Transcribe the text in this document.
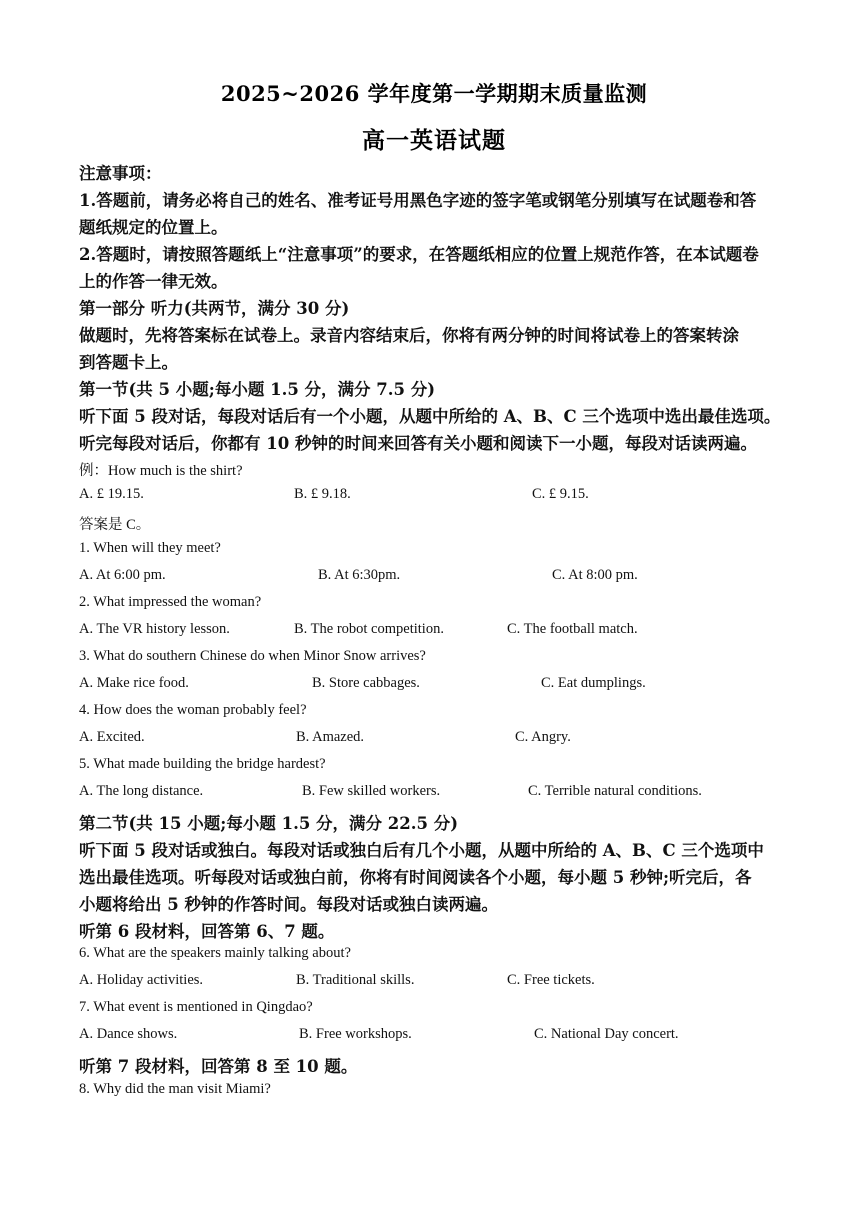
2025~2026 学年度第一学期期末质量监测
高一英语试题
注意事项：
1.答题前，请务必将自己的姓名、准考证号用黑色字迹的签字笔或钢笔分别填写在试题卷和答
题纸规定的位置上。
2.答题时，请按照答题纸上“注意事项”的要求，在答题纸相应的位置上规范作答，在本试题卷
上的作答一律无效。
第一部分 听力(共两节，满分 30 分)
做题时，先将答案标在试卷上。录音内容结束后，你将有两分钟的时间将试卷上的答案转涂
到答题卡上。
第一节(共 5 小题;每小题 1.5 分，满分 7.5 分)
听下面 5 段对话，每段对话后有一个小题，从题中所给的 A、B、C 三个选项中选出最佳选项。
听完每段对话后，你都有 10 秒钟的时间来回答有关小题和阅读下一小题，每段对话读两遍。
例：How much is the shirt?
A. £ 19.15.	B. £ 9.18.	C. £ 9.15.
答案是 C。
1. When will they meet?
A. At 6:00 pm.	B. At 6:30pm.	C. At 8:00 pm.
2. What impressed the woman?
A. The VR history lesson.	B. The robot competition.	C. The football match.
3. What do southern Chinese do when Minor Snow arrives?
A. Make rice food.	B. Store cabbages.	C. Eat dumplings.
4. How does the woman probably feel?
A. Excited.	B. Amazed.	C. Angry.
5. What made building the bridge hardest?
A. The long distance.	B. Few skilled workers.	C. Terrible natural conditions.
第二节(共 15 小题;每小题 1.5 分，满分 22.5 分)
听下面 5 段对话或独白。每段对话或独白后有几个小题，从题中所给的 A、B、C 三个选项中
选出最佳选项。听每段对话或独白前，你将有时间阅读各个小题，每小题 5 秒钟;听完后，各
小题将给出 5 秒钟的作答时间。每段对话或独白读两遍。
听第 6 段材料，回答第 6、7 题。
6. What are the speakers mainly talking about?
A. Holiday activities.	B. Traditional skills.	C. Free tickets.
7. What event is mentioned in Qingdao?
A. Dance shows.	B. Free workshops.	C. National Day concert.
听第 7 段材料，回答第 8 至 10 题。
8. Why did the man visit Miami?
